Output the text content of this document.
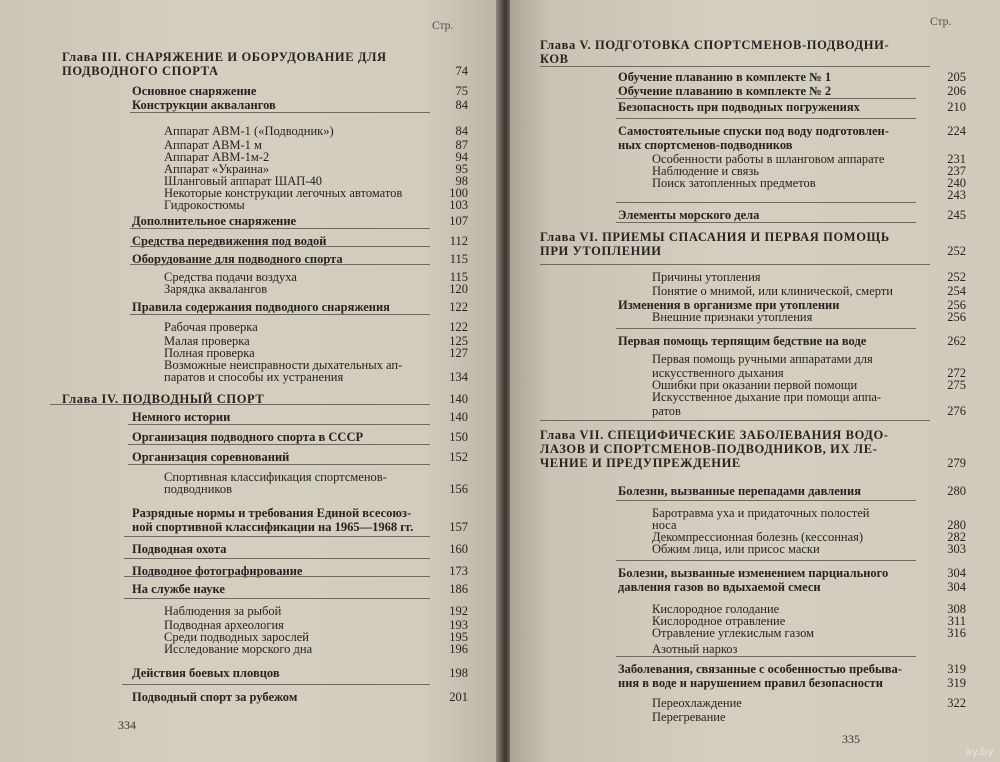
Стр.
Глава III. СНАРЯЖЕНИЕ И ОБОРУДОВАНИЕ ДЛЯ
ПОДВОДНОГО СПОРТА	74
Основное снаряжение	75
Конструкции аквалангов	84
Аппарат АВМ-1 («Подводник»)	84
Аппарат АВМ-1 м	87
Аппарат АВМ-1м-2	94
Аппарат «Украина»	95
Шланговый аппарат ШАП-40	98
Некоторые конструкции легочных автоматов	100
Гидрокостюмы	103
Дополнительное снаряжение	107
Средства передвижения под водой	112
Оборудование для подводного спорта	115
Средства подачи воздуха	115
Зарядка аквалангов	120
Правила содержания подводного снаряжения	122
Рабочая проверка	122
Малая проверка	125
Полная проверка	127
Возможные неисправности дыхательных ап-
паратов и способы их устранения	134
Глава IV. ПОДВОДНЫЙ СПОРТ	140
Немного истории	140
Организация подводного спорта в СССР	150
Организация соревнований	152
Спортивная классификация спортсменов-
подводников	156
Разрядные нормы и требования Единой всесоюз-
ной спортивной классификации на 1965—1968 гг.	157
Подводная охота	160
Подводное фотографирование	173
На службе науке	186
Наблюдения за рыбой	192
Подводная археология	193
Среди подводных зарослей	195
Исследование морского дна	196
Действия боевых пловцов	198
Подводный спорт за рубежом	201
334
Стр.
Глава V. ПОДГОТОВКА СПОРТСМЕНОВ-ПОДВОДНИ-
КОВ
Обучение плаванию в комплекте № 1	205
Обучение плаванию в комплекте № 2	206
Безопасность при подводных погружениях	210
Самостоятельные спуски под воду подготовлен-	224
ных спортсменов-подводников
Особенности работы в шланговом аппарате	231
Наблюдение и связь	237
Поиск затопленных предметов	240
243
Элементы морского дела	245
Глава VI. ПРИЕМЫ СПАСАНИЯ И ПЕРВАЯ ПОМОЩЬ
ПРИ УТОПЛЕНИИ	252
Причины утопления	252
Понятие о мнимой, или клинической, смерти	254
Изменения в организме при утоплении	256
Внешние признаки утопления	256
Первая помощь терпящим бедствие на воде	262
Первая помощь ручными аппаратами для
искусственного дыхания	272
Ошибки при оказании первой помощи	275
Искусственное дыхание при помощи аппа-
ратов	276
Глава VII. СПЕЦИФИЧЕСКИЕ ЗАБОЛЕВАНИЯ ВОДО-
ЛАЗОВ И СПОРТСМЕНОВ-ПОДВОДНИКОВ, ИХ ЛЕ-
ЧЕНИЕ И ПРЕДУПРЕЖДЕНИЕ	279
Болезни, вызванные перепадами давления	280
Баротравма уха и придаточных полостей
носа	280
Декомпрессионная болезнь (кессонная)	282
Обжим лица, или присос маски	303
Болезни, вызванные изменением парциального	304
давления газов во вдыхаемой смеси	304
Кислородное голодание	308
Кислородное отравление	311
Отравление углекислым газом	316
Азотный наркоз
Заболевания, связанные с особенностью пребыва-	319
ния в воде и нарушением правил безопасности	319
Переохлаждение	322
Перегревание
335
ay.by
